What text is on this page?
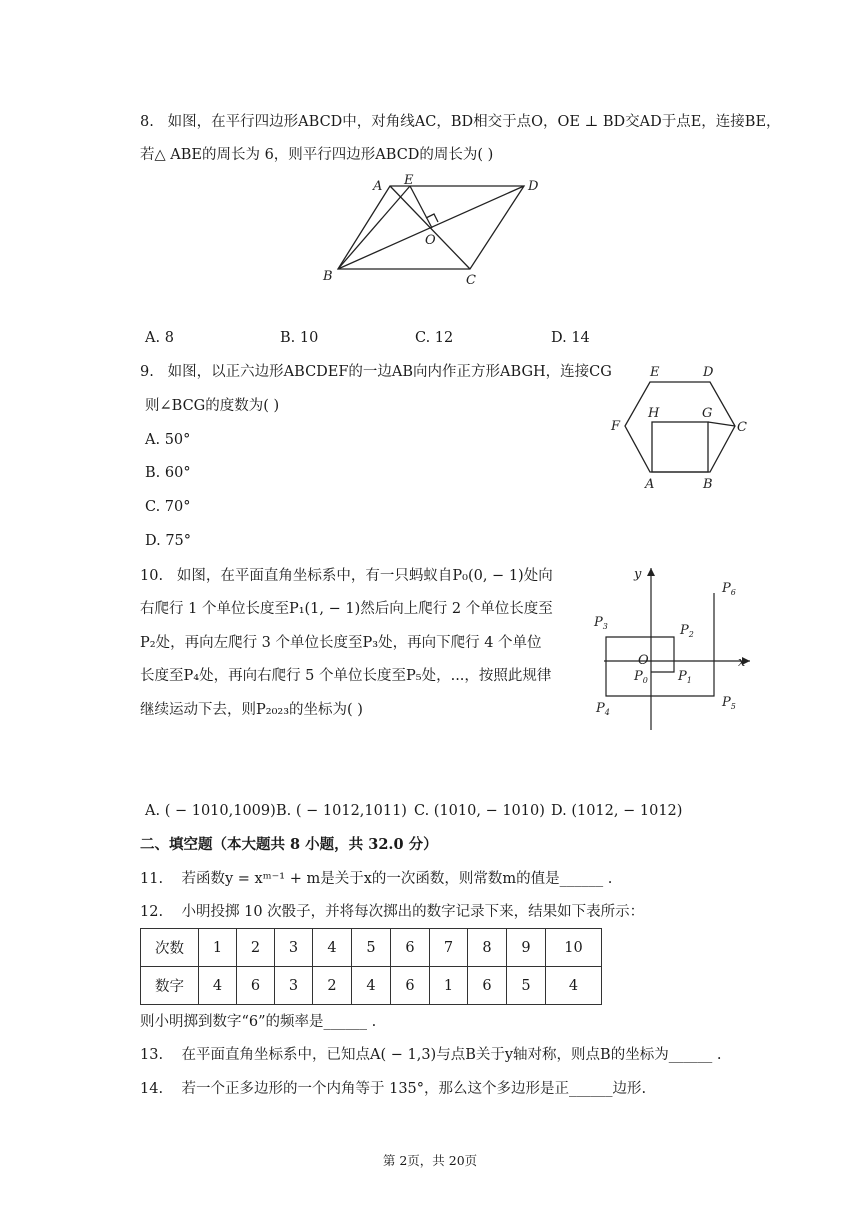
8. 如图，在平行四边形ABCD中，对角线AC，BD相交于点O，OE ⊥ BD交AD于点E，连接BE，
若△ ABE的周长为 6，则平行四边形ABCD的周长为( )
A E	D
O
B	C
A. 8	B. 10	C. 12	D. 14
9. 如图，以正六边形ABCDEF的一边AB向内作正方形ABGH，连接CG
则∠BCG的度数为( )
A. 50°
B. 60°
C. 70°
D. 75°
E	D
F
H	G
C
A	B
10. 如图，在平面直角坐标系中，有一只蚂蚁自P₀(0, − 1)处向
右爬行 1 个单位长度至P₁(1, − 1)然后向上爬行 2 个单位长度至
P₂处，再向左爬行 3 个单位长度至P₃处，再向下爬行 4 个单位
长度至P₄处，再向右爬行 5 个单位长度至P₅处，...，按照此规律
继续运动下去，则P₂₀₂₃的坐标为( )
y
x
O
$P_0$ $P_1$
$P_2$
$P_3$
$P_4$
$P_5$
$P_6$
A. ( − 1010,1009) B. ( − 1012,1011) C. (1010, − 1010) D. (1012, − 1012)
二、填空题（本大题共 8 小题，共 32.0 分）
11. 若函数y = xᵐ⁻¹ + m是关于x的一次函数，则常数m的值是______ .
12. 小明投掷 10 次骰子，并将每次掷出的数字记录下来，结果如下表所示：
次数	1	2	3	4	5	6	7	8	9	10
数字	4	6	3	2	4	6	1	6	5	4
则小明掷到数字“6”的频率是______ .
13. 在平面直角坐标系中，已知点A( − 1,3)与点B关于y轴对称，则点B的坐标为______ .
14. 若一个正多边形的一个内角等于 135°，那么这个多边形是正______边形.
第 2页，共 20页
